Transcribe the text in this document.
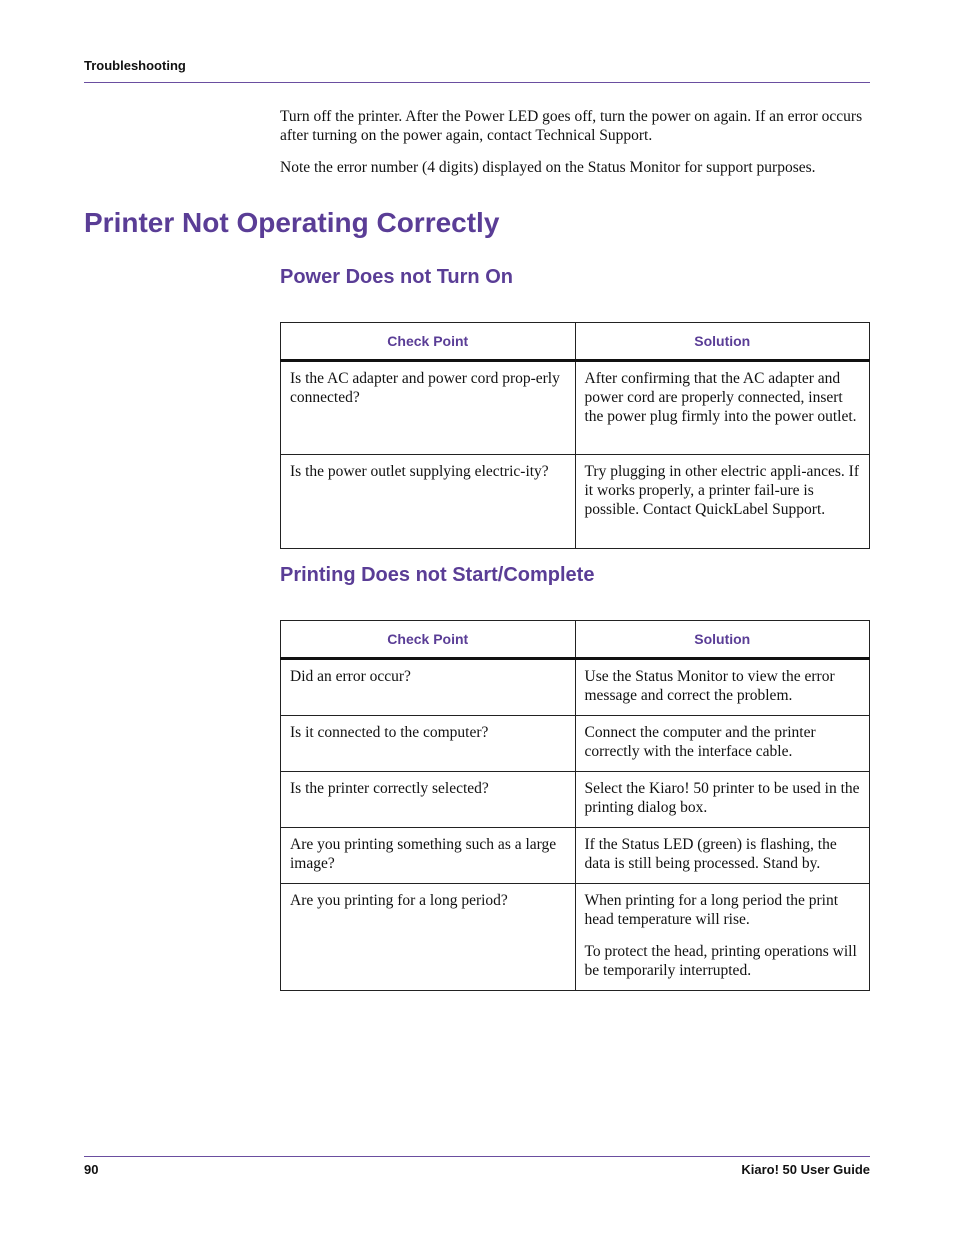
Troubleshooting

Turn off the printer. After the Power LED goes off, turn the power on again. If an error occurs after turning on the power again, contact Technical Support.

Note the error number (4 digits) displayed on the Status Monitor for support purposes.

Printer Not Operating Correctly
Power Does not Turn On
Check Point	Solution
Is the AC adapter and power cord prop-erly connected?	After confirming that the AC adapter and power cord are properly connected, insert the power plug firmly into the power outlet.

Is the power outlet supplying electric-ity?	Try plugging in other electric appli-ances. If it works properly, a printer fail-ure is possible. Contact QuickLabel Support.

Printing Does not Start/Complete
Check Point	Solution
Did an error occur?	Use the Status Monitor to view the error message and correct the problem.

Is it connected to the computer?	Connect the computer and the printer correctly with the interface cable.

Is the printer correctly selected?	Select the Kiaro! 50 printer to be used in the printing dialog box.

Are you printing something such as a large image?	If the Status LED (green) is flashing, the data is still being processed. Stand by.

Are you printing for a long period?	When printing for a long period the print head temperature will rise.

To protect the head, printing operations will be temporarily interrupted.

90	Kiaro! 50 User Guide
